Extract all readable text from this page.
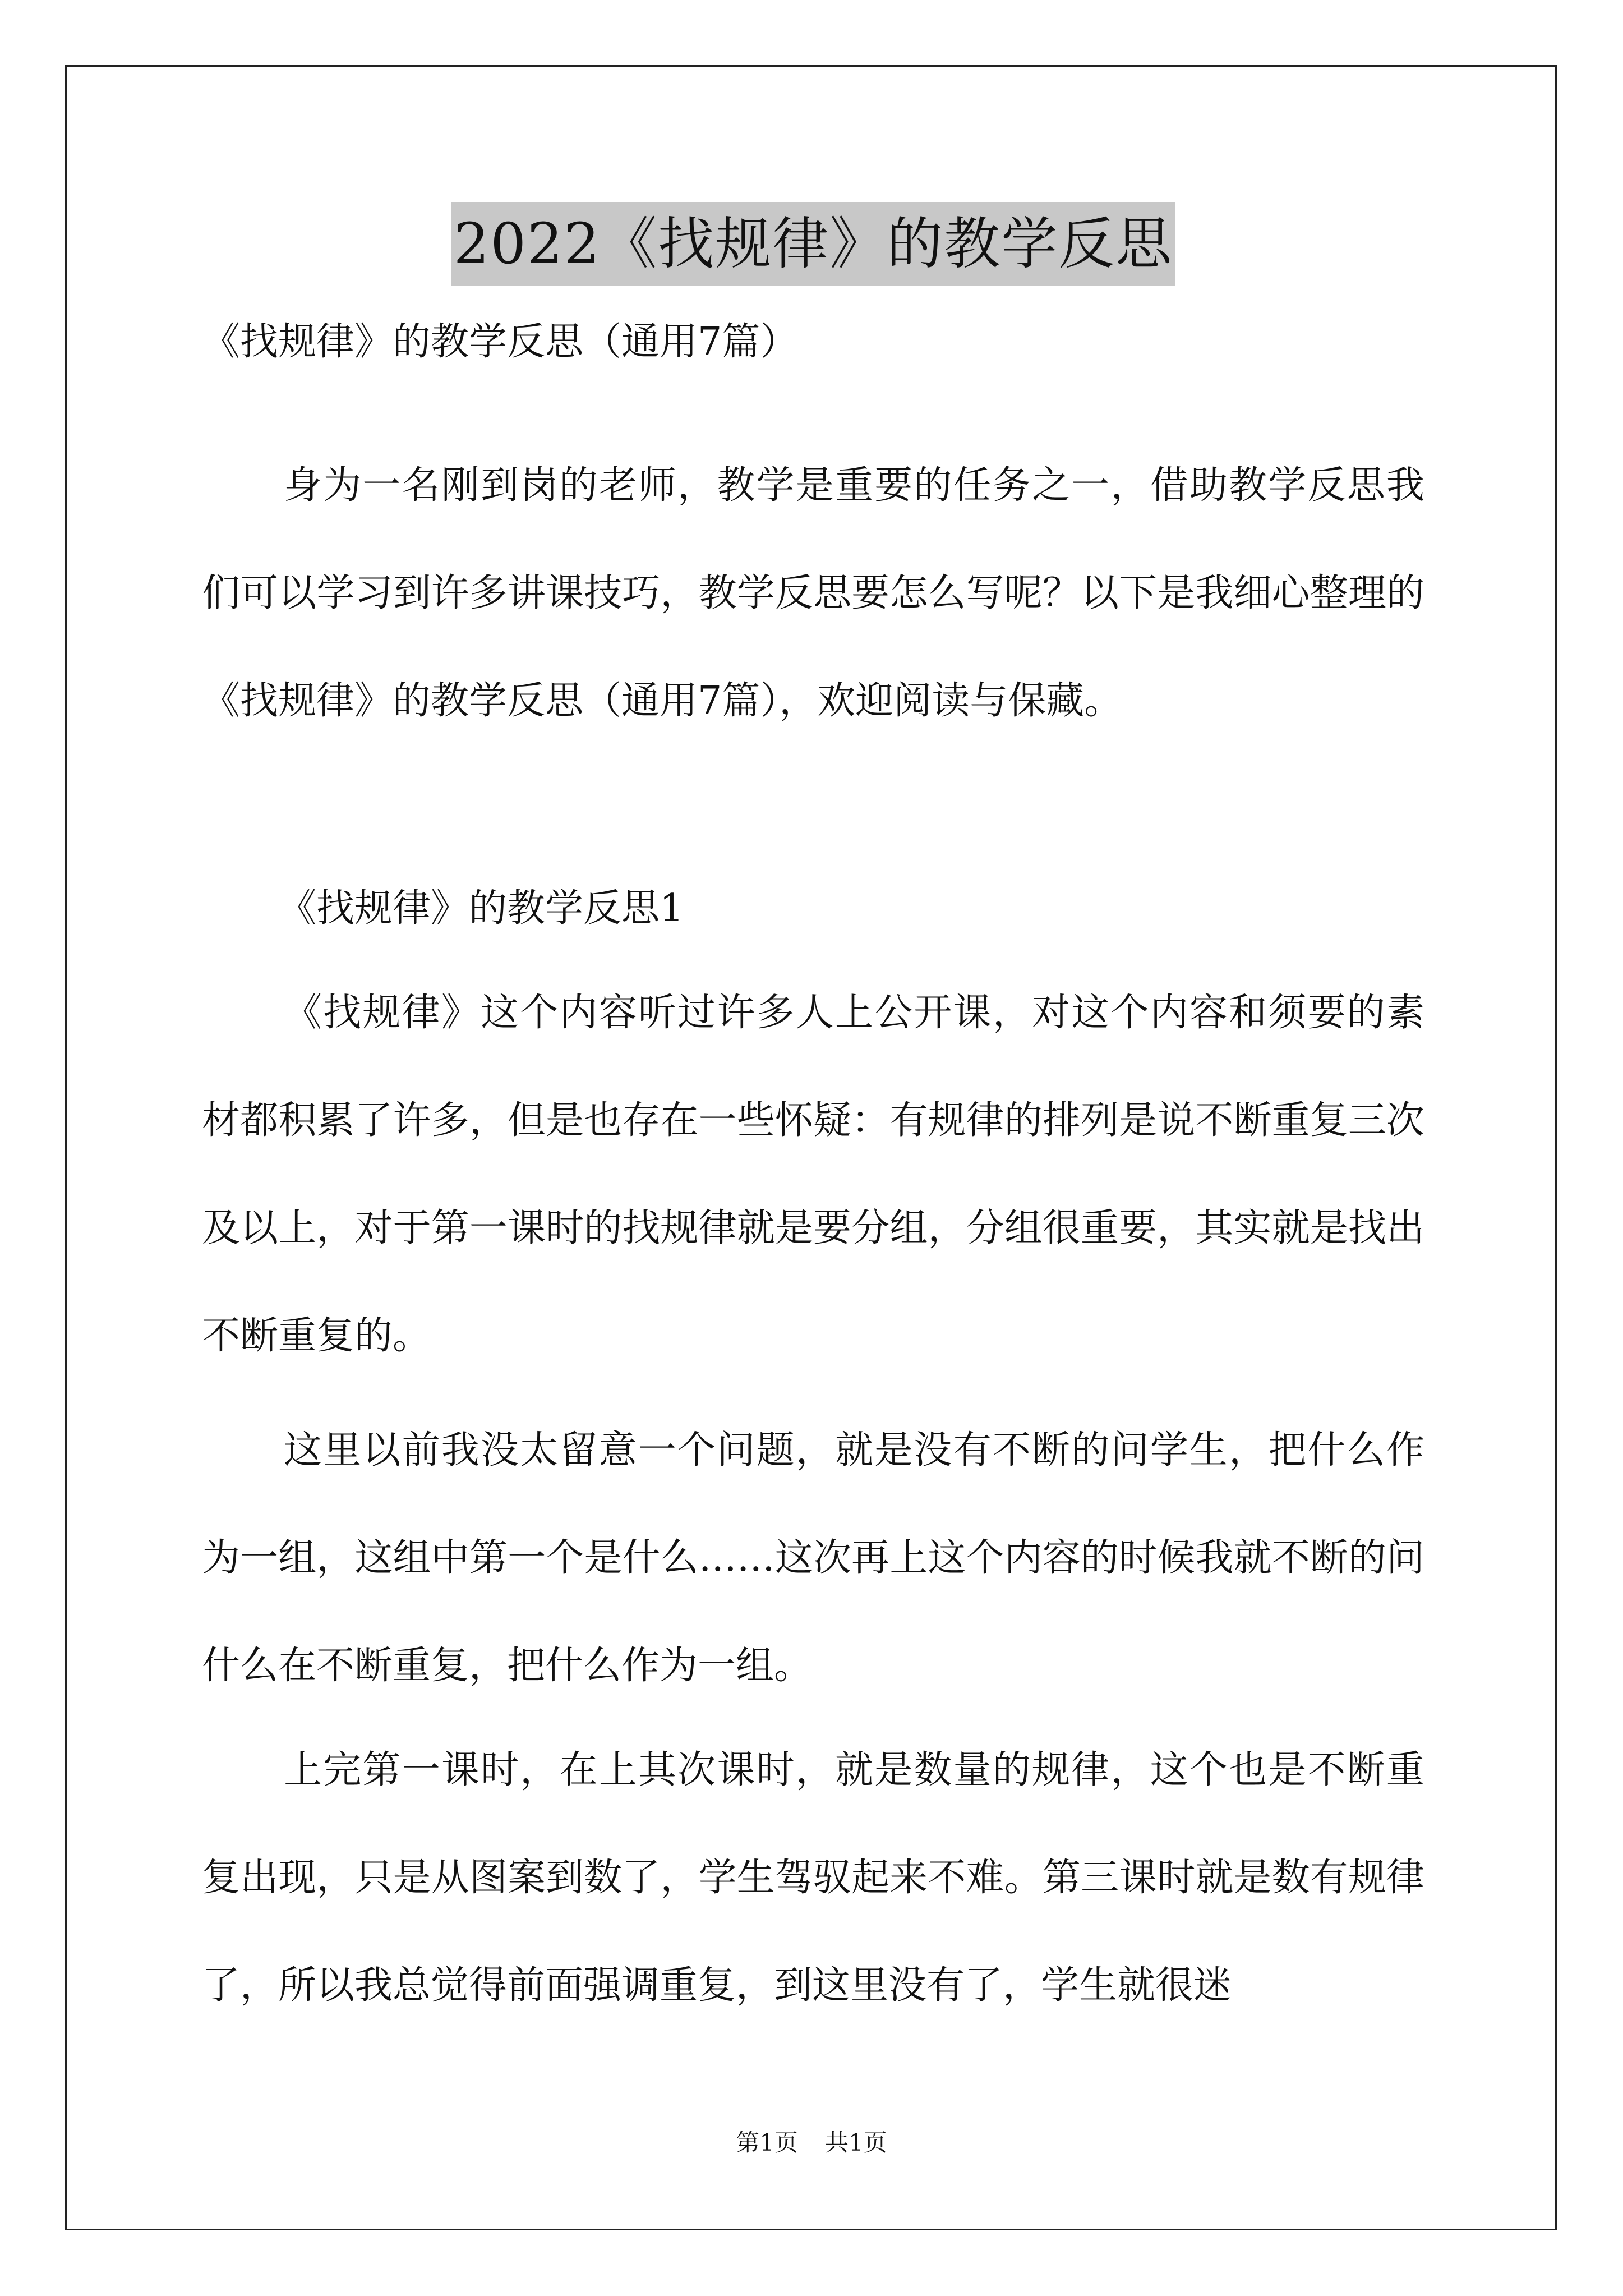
2022《找规律》的教学反思
《找规律》的教学反思（通用7篇）
身为一名刚到岗的老师，教学是重要的任务之一，借助教学反思我们可以学习到许多讲课技巧，教学反思要怎么写呢？以下是我细心整理的《找规律》的教学反思（通用7篇），欢迎阅读与保藏。
《找规律》的教学反思1
《找规律》这个内容听过许多人上公开课，对这个内容和须要的素材都积累了许多，但是也存在一些怀疑：有规律的排列是说不断重复三次及以上，对于第一课时的找规律就是要分组，分组很重要，其实就是找出不断重复的。
这里以前我没太留意一个问题，就是没有不断的问学生，把什么作为一组，这组中第一个是什么……这次再上这个内容的时候我就不断的问什么在不断重复，把什么作为一组。
上完第一课时，在上其次课时，就是数量的规律，这个也是不断重复出现，只是从图案到数了，学生驾驭起来不难。第三课时就是数有规律了，所以我总觉得前面强调重复，到这里没有了，学生就很迷
第1页 共1页
